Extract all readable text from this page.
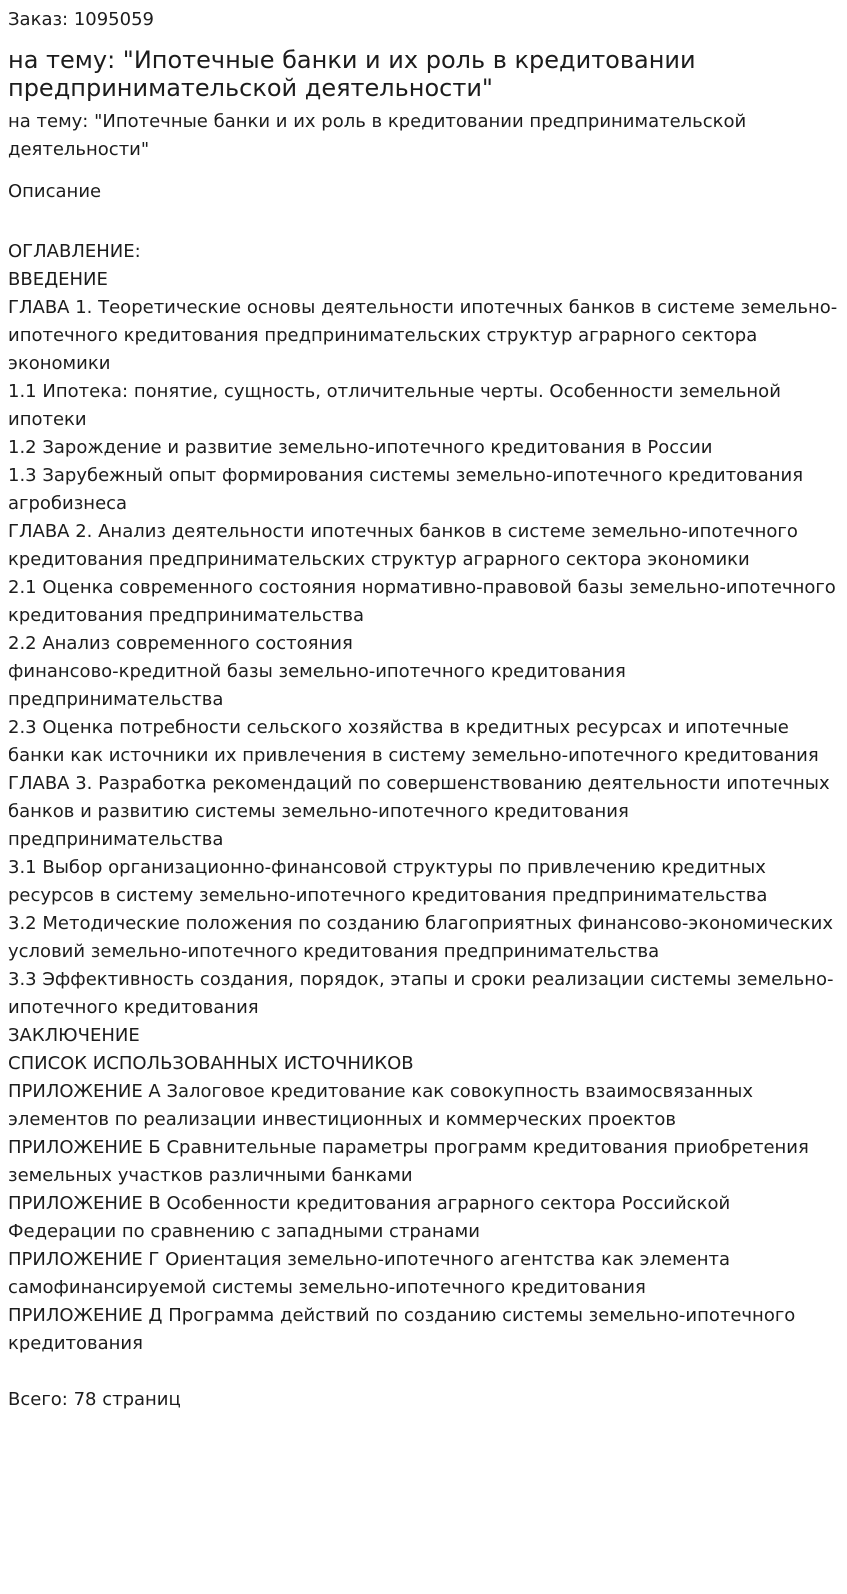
Заказ: 1095059

на тему: "Ипотечные банки и их роль в кредитовании предпринимательской деятельности"

на тему: "Ипотечные банки и их роль в кредитовании предпринимательской деятельности"

Описание

ОГЛАВЛЕНИЕ:

ВВЕДЕНИЕ

ГЛАВА 1. Теоретические основы деятельности ипотечных банков в системе земельно-ипотечного кредитования предпринимательских структур аграрного сектора экономики

1.1 Ипотека: понятие, сущность, отличительные черты. Особенности земельной ипотеки

1.2 Зарождение и развитие земельно-ипотечного кредитования в России

1.3 Зарубежный опыт формирования системы земельно-ипотечного кредитования агробизнеса

ГЛАВА 2. Анализ деятельности ипотечных банков в системе земельно-ипотечного кредитования предпринимательских структур аграрного сектора экономики

2.1 Оценка современного состояния нормативно-правовой базы земельно-ипотечного кредитования предпринимательства

2.2 Анализ современного состояния

финансово-кредитной базы земельно-ипотечного кредитования предпринимательства

2.3 Оценка потребности сельского хозяйства в кредитных ресурсах и ипотечные банки как источники их привлечения в систему земельно-ипотечного кредитования

ГЛАВА 3. Разработка рекомендаций по совершенствованию деятельности ипотечных банков и развитию системы земельно-ипотечного кредитования предпринимательства

3.1 Выбор организационно-финансовой структуры по привлечению кредитных ресурсов в систему земельно-ипотечного кредитования предпринимательства

3.2 Методические положения по созданию благоприятных финансово-экономических условий земельно-ипотечного кредитования предпринимательства

3.3 Эффективность создания, порядок, этапы и сроки реализации системы земельно-ипотечного кредитования

ЗАКЛЮЧЕНИЕ

СПИСОК ИСПОЛЬЗОВАННЫХ ИСТОЧНИКОВ

ПРИЛОЖЕНИЕ А Залоговое кредитование как совокупность взаимосвязанных элементов по реализации инвестиционных и коммерческих проектов

ПРИЛОЖЕНИЕ Б Сравнительные параметры программ кредитования приобретения земельных участков различными банками

ПРИЛОЖЕНИЕ В Особенности кредитования аграрного сектора Российской Федерации по сравнению с западными странами

ПРИЛОЖЕНИЕ Г Ориентация земельно-ипотечного агентства как элемента самофинансируемой системы земельно-ипотечного кредитования

ПРИЛОЖЕНИЕ Д Программа действий по созданию системы земельно-ипотечного кредитования

Всего: 78 страниц
